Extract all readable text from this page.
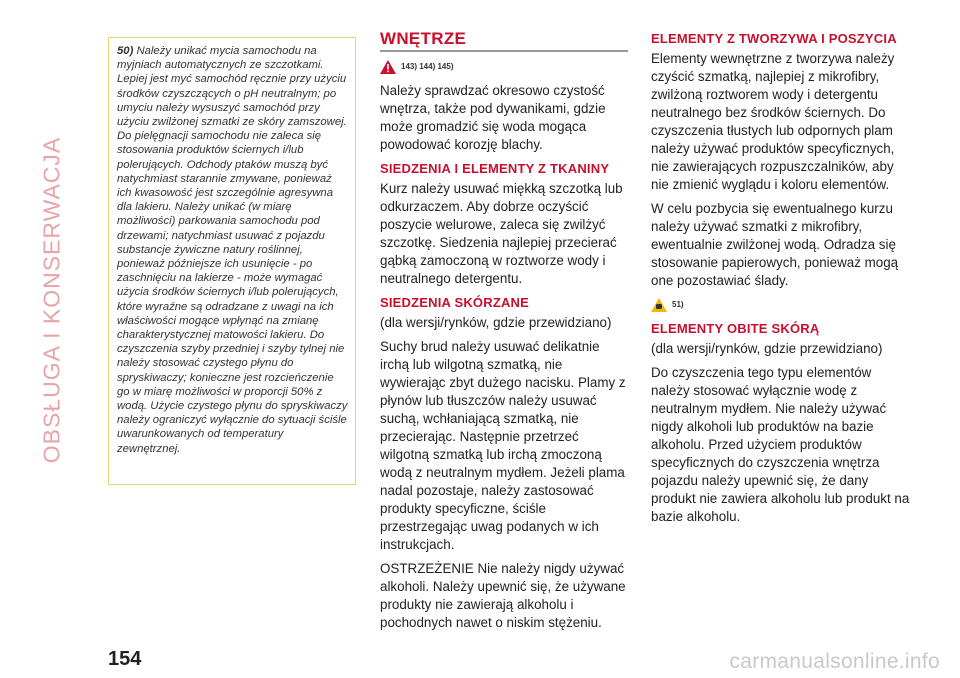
OBSŁUGA I KONSERWACJA
50) Należy unikać mycia samochodu na myjniach automatycznych ze szczotkami. Lepiej jest myć samochód ręcznie przy użyciu środków czyszczących o pH neutralnym; po umyciu należy wysuszyć samochód przy użyciu zwilżonej szmatki ze skóry zamszowej. Do pielęgnacji samochodu nie zaleca się stosowania produktów ściernych i/lub polerujących. Odchody ptaków muszą być natychmiast starannie zmywane, ponieważ ich kwasowość jest szczególnie agresywna dla lakieru. Należy unikać (w miarę możliwości) parkowania samochodu pod drzewami; natychmiast usuwać z pojazdu substancje żywiczne natury roślinnej, ponieważ późniejsze ich usunięcie - po zaschnięciu na lakierze - może wymagać użycia środków ściernych i/lub polerujących, które wyraźne są odradzane z uwagi na ich właściwości mogące wpłynąć na zmianę charakterystycznej matowości lakieru. Do czyszczenia szyby przedniej i szyby tylnej nie należy stosować czystego płynu do spryskiwaczy; konieczne jest rozcieńczenie go w miarę możliwości w proporcji 50% z wodą. Użycie czystego płynu do spryskiwaczy należy ograniczyć wyłącznie do sytuacji ściśle uwarunkowanych od temperatury zewnętrznej.
WNĘTRZE
143) 144) 145)

Należy sprawdzać okresowo czystość wnętrza, także pod dywanikami, gdzie może gromadzić się woda mogąca powodować korozję blachy.

SIEDZENIA I ELEMENTY Z TKANINY

Kurz należy usuwać miękką szczotką lub odkurzaczem. Aby dobrze oczyścić poszycie welurowe, zaleca się zwilżyć szczotkę. Siedzenia najlepiej przecierać gąbką zamoczoną w roztworze wody i neutralnego detergentu.

SIEDZENIA SKÓRZANE

(dla wersji/rynków, gdzie przewidziano)

Suchy brud należy usuwać delikatnie irchą lub wilgotną szmatką, nie wywierając zbyt dużego nacisku. Plamy z płynów lub tłuszczów należy usuwać suchą, wchłaniającą szmatką, nie przecierając. Następnie przetrzeć wilgotną szmatką lub irchą zmoczoną wodą z neutralnym mydłem. Jeżeli plama nadal pozostaje, należy zastosować produkty specyficzne, ściśle przestrzegając uwag podanych w ich instrukcjach.

OSTRZEŻENIE Nie należy nigdy używać alkoholi. Należy upewnić się, że używane produkty nie zawierają alkoholu i pochodnych nawet o niskim stężeniu.

ELEMENTY Z TWORZYWA I POSZYCIA

Elementy wewnętrzne z tworzywa należy czyścić szmatką, najlepiej z mikrofibry, zwilżoną roztworem wody i detergentu neutralnego bez środków ściernych. Do czyszczenia tłustych lub odpornych plam należy używać produktów specyficznych, nie zawierających rozpuszczalników, aby nie zmienić wyglądu i koloru elementów.

W celu pozbycia się ewentualnego kurzu należy używać szmatki z mikrofibry, ewentualnie zwilżonej wodą. Odradza się stosowanie papierowych, ponieważ mogą one pozostawiać ślady.

51)
ELEMENTY OBITE SKÓRĄ

(dla wersji/rynków, gdzie przewidziano)

Do czyszczenia tego typu elementów należy stosować wyłącznie wodę z neutralnym mydłem. Nie należy używać nigdy alkoholi lub produktów na bazie alkoholu. Przed użyciem produktów specyficznych do czyszczenia wnętrza pojazdu należy upewnić się, że dany produkt nie zawiera alkoholu lub produkt na bazie alkoholu.

154	carmanualsonline.info
